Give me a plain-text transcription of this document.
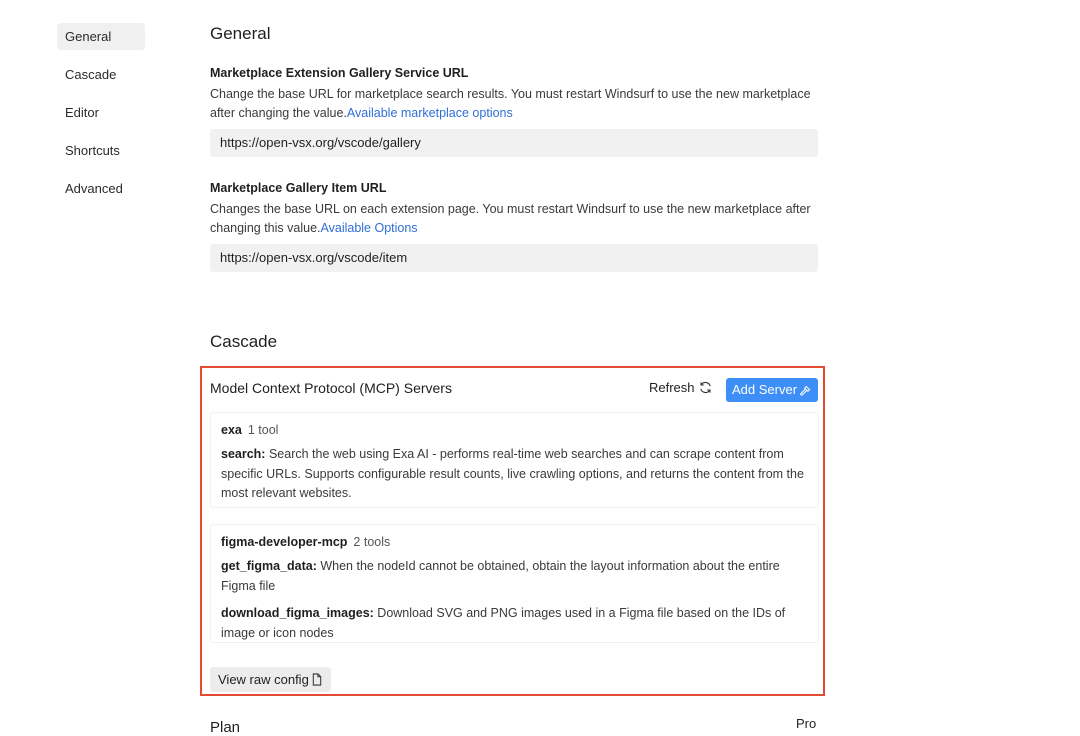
General
Cascade
Editor
Shortcuts
Advanced
General
Marketplace Extension Gallery Service URL
Change the base URL for marketplace search results. You must restart Windsurf to use the new marketplace after changing the value.Available marketplace options
https://open-vsx.org/vscode/gallery
Marketplace Gallery Item URL
Changes the base URL on each extension page. You must restart Windsurf to use the new marketplace after changing this value.Available Options
https://open-vsx.org/vscode/item
Cascade
Model Context Protocol (MCP) Servers	Refresh	Add Server
exa 1 tool
search: Search the web using Exa AI - performs real-time web searches and can scrape content from specific URLs. Supports configurable result counts, live crawling options, and returns the content from the most relevant websites.
figma-developer-mcp 2 tools
get_figma_data: When the nodeId cannot be obtained, obtain the layout information about the entire Figma file
download_figma_images: Download SVG and PNG images used in a Figma file based on the IDs of image or icon nodes
View raw config
Plan	Pro
